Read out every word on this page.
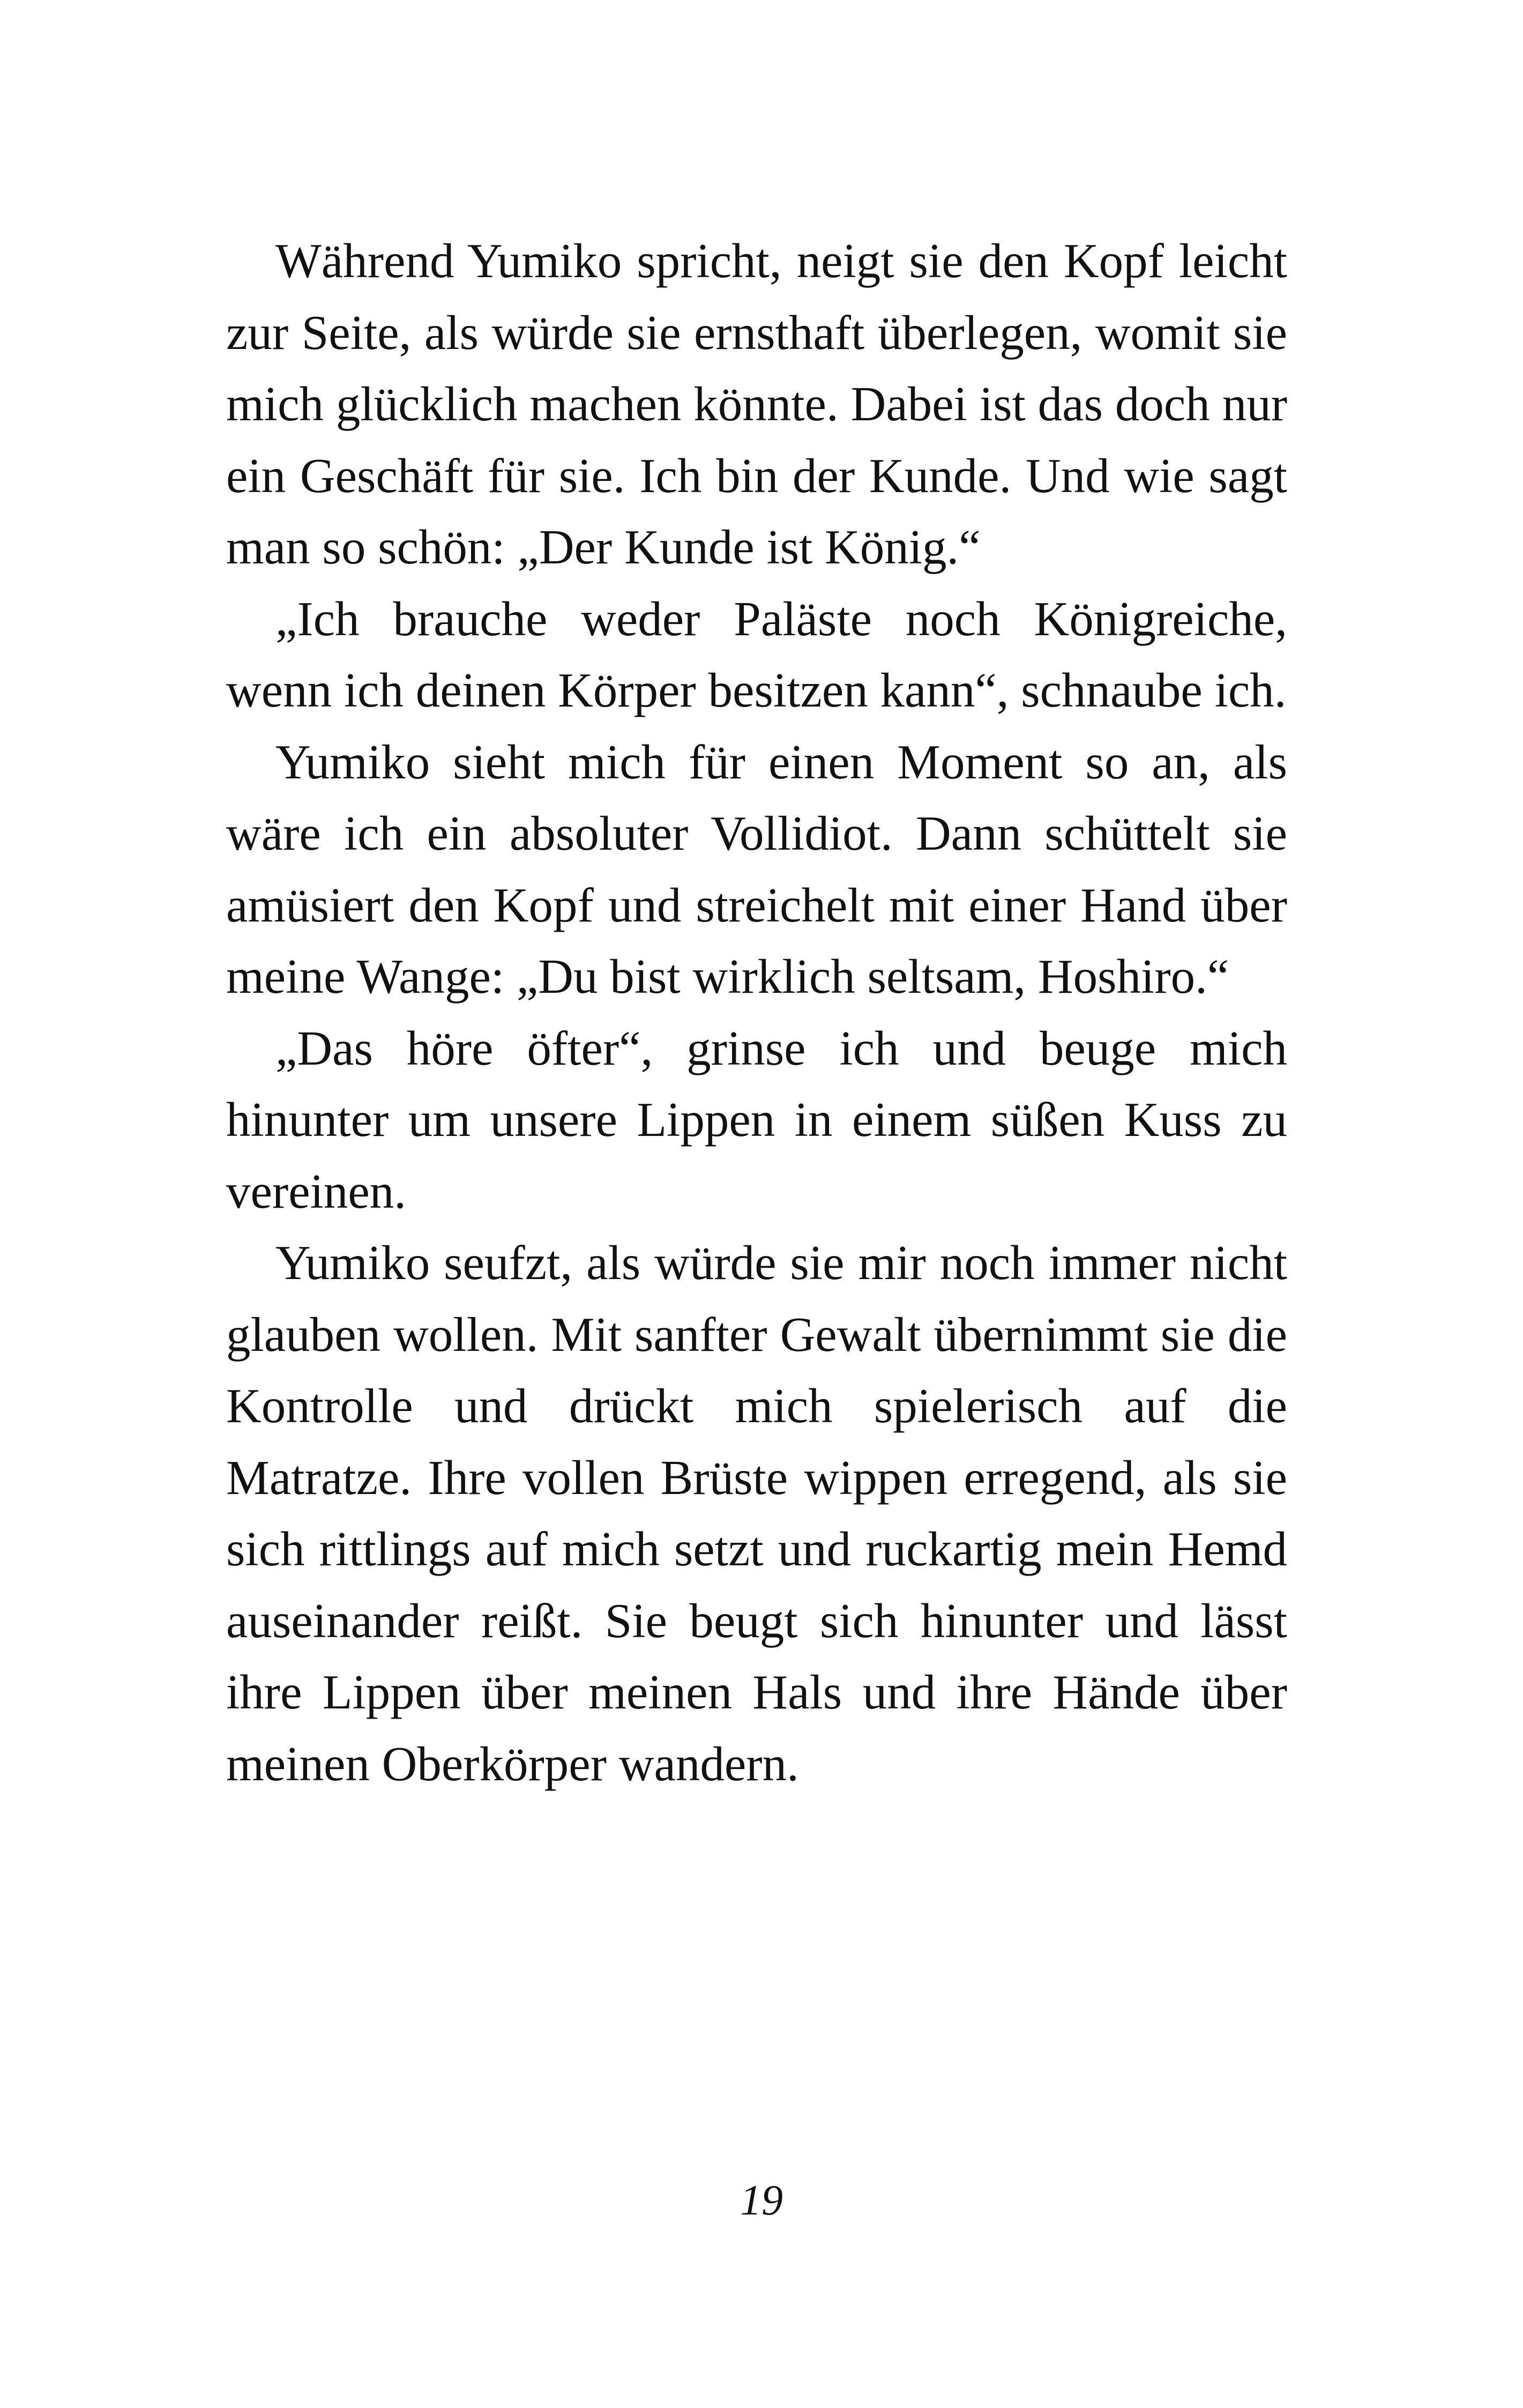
Während Yumiko spricht, neigt sie den Kopf leicht zur Seite, als würde sie ernsthaft überlegen, womit sie mich glücklich machen könnte. Dabei ist das doch nur ein Geschäft für sie. Ich bin der Kunde. Und wie sagt man so schön: „Der Kunde ist König.“

„Ich brauche weder Paläste noch Königreiche, wenn ich deinen Körper besitzen kann“, schnaube ich.

Yumiko sieht mich für einen Moment so an, als wäre ich ein absoluter Vollidiot. Dann schüttelt sie amüsiert den Kopf und streichelt mit einer Hand über meine Wange: „Du bist wirklich seltsam, Hoshiro.“

„Das höre öfter“, grinse ich und beuge mich hinunter um unsere Lippen in einem süßen Kuss zu vereinen.

Yumiko seufzt, als würde sie mir noch immer nicht glauben wollen. Mit sanfter Gewalt übernimmt sie die Kontrolle und drückt mich spielerisch auf die Matratze. Ihre vollen Brüste wippen erregend, als sie sich rittlings auf mich setzt und ruckartig mein Hemd auseinander reißt. Sie beugt sich hinunter und lässt ihre Lippen über meinen Hals und ihre Hände über meinen Oberkörper wandern.

19
